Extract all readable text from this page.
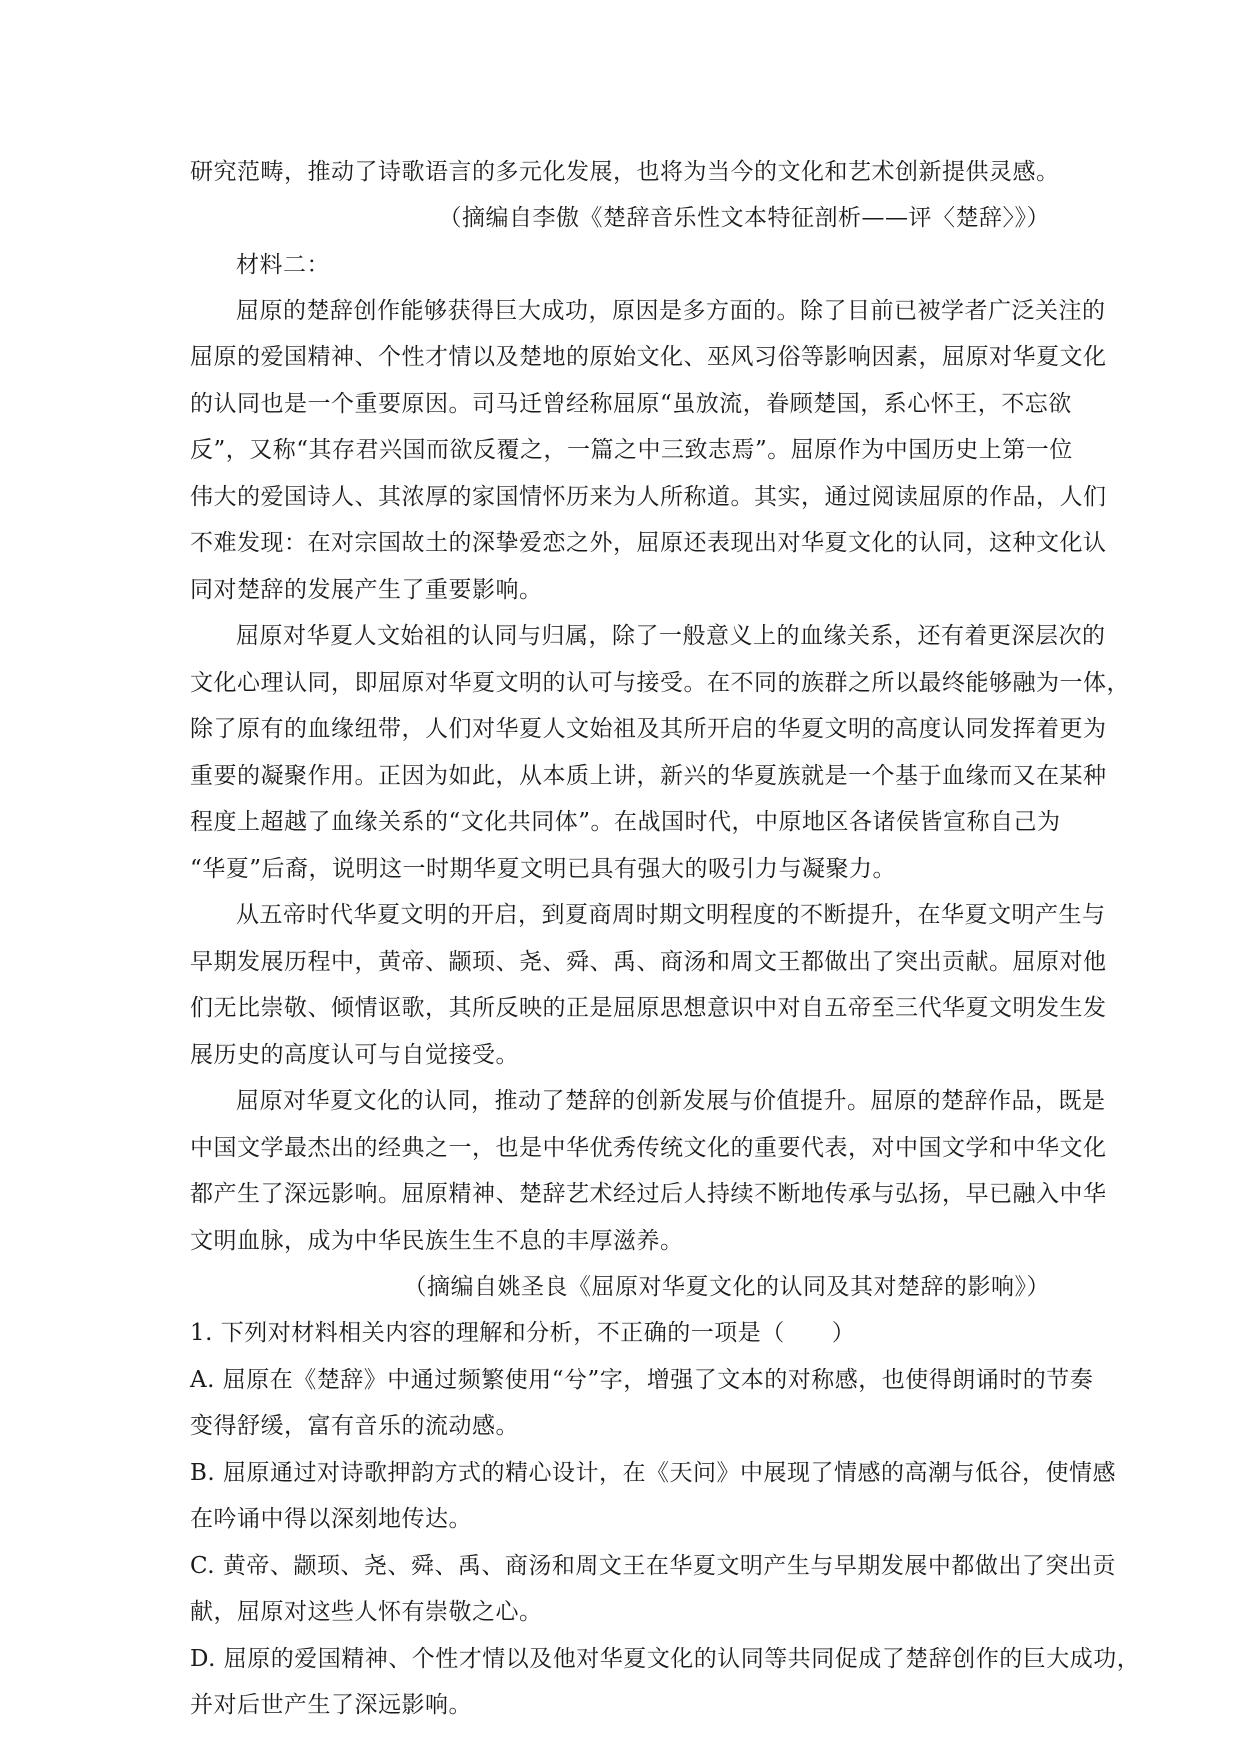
研究范畴，推动了诗歌语言的多元化发展，也将为当今的文化和艺术创新提供灵感。
（摘编自李傲《楚辞音乐性文本特征剖析——评〈楚辞〉》）
材料二：
屈原的楚辞创作能够获得巨大成功，原因是多方面的。除了目前已被学者广泛关注的
屈原的爱国精神、个性才情以及楚地的原始文化、巫风习俗等影响因素，屈原对华夏文化
的认同也是一个重要原因。司马迁曾经称屈原“虽放流，眷顾楚国，系心怀王，不忘欲
反”，又称“其存君兴国而欲反覆之，一篇之中三致志焉”。屈原作为中国历史上第一位
伟大的爱国诗人、其浓厚的家国情怀历来为人所称道。其实，通过阅读屈原的作品，人们
不难发现：在对宗国故土的深挚爱恋之外，屈原还表现出对华夏文化的认同，这种文化认
同对楚辞的发展产生了重要影响。
屈原对华夏人文始祖的认同与归属，除了一般意义上的血缘关系，还有着更深层次的
文化心理认同，即屈原对华夏文明的认可与接受。在不同的族群之所以最终能够融为一体，
除了原有的血缘纽带，人们对华夏人文始祖及其所开启的华夏文明的高度认同发挥着更为
重要的凝聚作用。正因为如此，从本质上讲，新兴的华夏族就是一个基于血缘而又在某种
程度上超越了血缘关系的“文化共同体”。在战国时代，中原地区各诸侯皆宣称自己为
“华夏”后裔，说明这一时期华夏文明已具有强大的吸引力与凝聚力。
从五帝时代华夏文明的开启，到夏商周时期文明程度的不断提升，在华夏文明产生与
早期发展历程中，黄帝、颛顼、尧、舜、禹、商汤和周文王都做出了突出贡献。屈原对他
们无比崇敬、倾情讴歌，其所反映的正是屈原思想意识中对自五帝至三代华夏文明发生发
展历史的高度认可与自觉接受。
屈原对华夏文化的认同，推动了楚辞的创新发展与价值提升。屈原的楚辞作品，既是
中国文学最杰出的经典之一，也是中华优秀传统文化的重要代表，对中国文学和中华文化
都产生了深远影响。屈原精神、楚辞艺术经过后人持续不断地传承与弘扬，早已融入中华
文明血脉，成为中华民族生生不息的丰厚滋养。
（摘编自姚圣良《屈原对华夏文化的认同及其对楚辞的影响》）
1. 下列对材料相关内容的理解和分析，不正确的一项是（　　）
A. 屈原在《楚辞》中通过频繁使用“兮”字，增强了文本的对称感，也使得朗诵时的节奏
变得舒缓，富有音乐的流动感。
B. 屈原通过对诗歌押韵方式的精心设计，在《天问》中展现了情感的高潮与低谷，使情感
在吟诵中得以深刻地传达。
C. 黄帝、颛顼、尧、舜、禹、商汤和周文王在华夏文明产生与早期发展中都做出了突出贡
献，屈原对这些人怀有崇敬之心。
D. 屈原的爱国精神、个性才情以及他对华夏文化的认同等共同促成了楚辞创作的巨大成功，
并对后世产生了深远影响。
